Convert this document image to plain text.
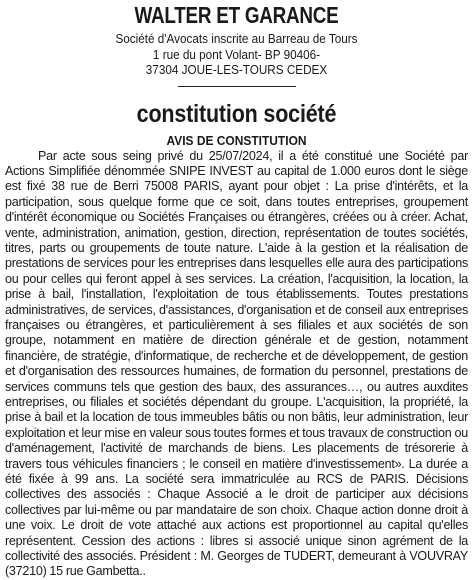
WALTER ET GARANCE
Société d'Avocats inscrite au Barreau de Tours
1 rue du pont Volant- BP 90406-
37304 JOUE-LES-TOURS CEDEX
constitution société
AVIS DE CONSTITUTION

Par acte sous seing privé du 25/07/2024, il a été constitué une Société par Actions Simplifiée dénommée SNIPE INVEST au capital de 1.000 euros dont le siège est fixé 38 rue de Berri 75008 PARIS, ayant pour objet : La prise d'intérêts, et la participation, sous quelque forme que ce soit, dans toutes entreprises, groupement d'intérêt économique ou Sociétés Françaises ou étrangères, créées ou à créer. Achat, vente, administration, animation, gestion, direction, représentation de toutes sociétés, titres, parts ou groupements de toute nature. L'aide à la gestion et la réalisation de prestations de services pour les entreprises dans lesquelles elle aura des participations ou pour celles qui feront appel à ses services. La création, l'acquisition, la location, la prise à bail, l'installation, l'exploitation de tous établissements. Toutes prestations administratives, de services, d'assistances, d'organisation et de conseil aux entreprises françaises ou étrangères, et particulièrement à ses filiales et aux sociétés de son groupe, notamment en matière de direction générale et de gestion, notamment financière, de stratégie, d'informatique, de recherche et de développement, de gestion et d'organisation des ressources humaines, de formation du personnel, prestations de services communs tels que gestion des baux, des assurances…, ou autres auxdites entreprises, ou filiales et sociétés dépendant du groupe. L'acquisition, la propriété, la prise à bail et la location de tous immeubles bâtis ou non bâtis, leur administration, leur exploitation et leur mise en valeur sous toutes formes et tous travaux de construction ou d'aménagement, l'activité de marchands de biens. Les placements de trésorerie à travers tous véhicules financiers ; le conseil en matière d'investissement». La durée a été fixée à 99 ans. La société sera immatriculée au RCS de PARIS. Décisions collectives des associés : Chaque Associé a le droit de participer aux décisions collectives par lui-même ou par mandataire de son choix. Chaque action donne droit à une voix. Le droit de vote attaché aux actions est proportionnel au capital qu'elles représentent. Cession des actions : libres si associé unique sinon agrément de la collectivité des associés. Président : M. Georges de TUDERT, demeurant à VOUVRAY (37210) 15 rue Gambetta..
